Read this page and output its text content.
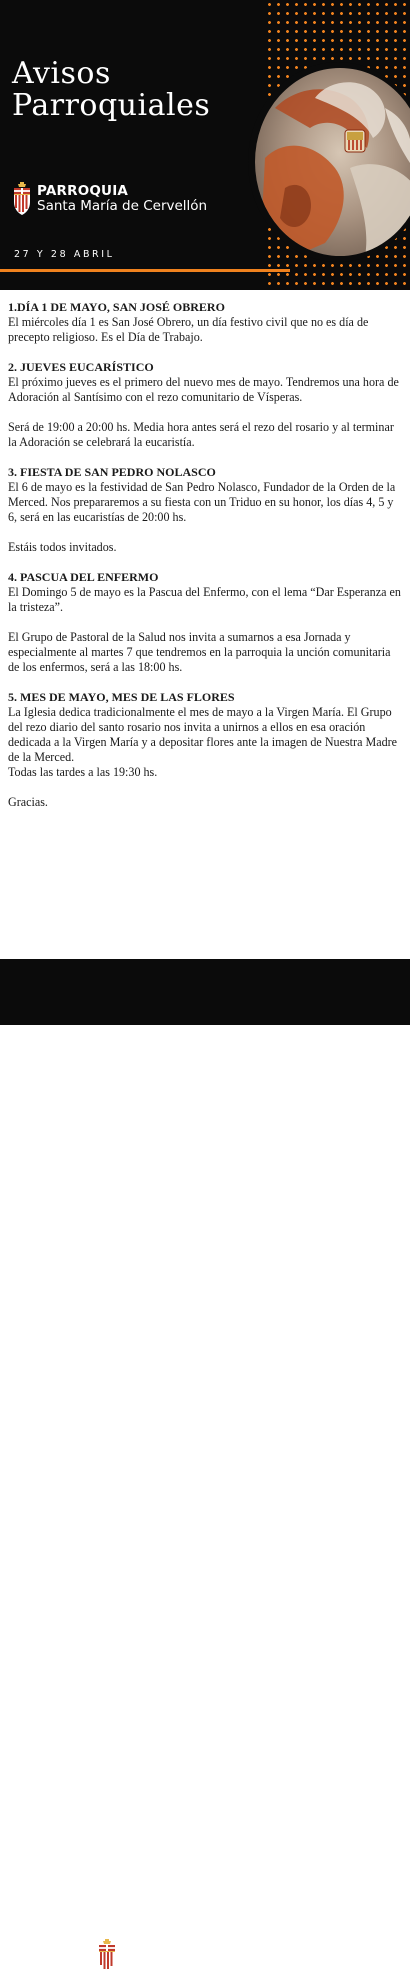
Avisos
Parroquiales
PARROQUIA
Santa María de Cervellón
27 Y 28 ABRIL

1.DÍA 1 DE MAYO, SAN JOSÉ OBRERO

El miércoles día 1 es San José Obrero, un día festivo civil que no es día de precepto religioso. Es el Día de Trabajo.

2. JUEVES EUCARÍSTICO

El próximo jueves es el primero del nuevo mes de mayo. Tendremos una hora de Adoración al Santísimo con el rezo comunitario de Vísperas.

Será de 19:00 a 20:00 hs. Media hora antes será el rezo del rosario y al terminar la Adoración se celebrará la eucaristía.

3. FIESTA DE SAN PEDRO NOLASCO

El 6 de mayo es la festividad de San Pedro Nolasco, Fundador de la Orden de la Merced. Nos prepararemos a su fiesta con un Triduo en su honor, los días 4, 5 y 6, será en las eucaristías de 20:00 hs.

Estáis todos invitados.

4. PASCUA DEL ENFERMO

El Domingo 5 de mayo es la Pascua del Enfermo, con el lema “Dar Esperanza en la tristeza”.

El Grupo de Pastoral de la Salud nos invita a sumarnos a esa Jornada y especialmente al martes 7 que tendremos en la parroquia la unción comunitaria de los enfermos, será a las 18:00 hs.

5. MES DE MAYO, MES DE LAS FLORES

La Iglesia dedica tradicionalmente el mes de mayo a la Virgen María. El Grupo del rezo diario del santo rosario nos invita a unirnos a ellos en esa oración dedicada a la Virgen María y a depositar flores ante la imagen de Nuestra Madre de la Merced.
Todas las tardes a las 19:30 hs.

Gracias.

PARROQUIA
Santa María de Cervellón
